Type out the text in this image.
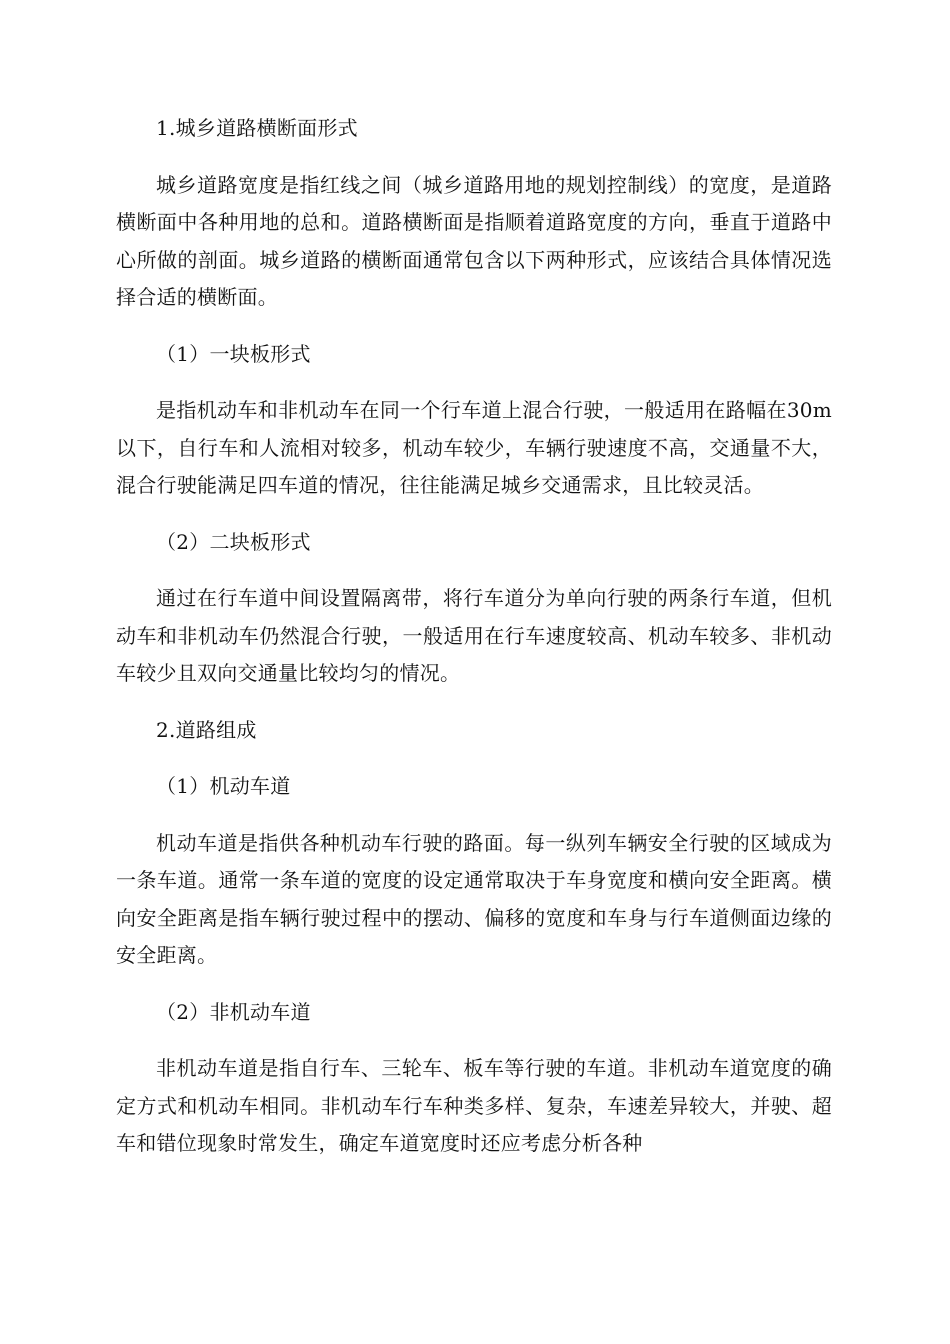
1.城乡道路横断面形式

城乡道路宽度是指红线之间（城乡道路用地的规划控制线）的宽度，是道路横断面中各种用地的总和。道路横断面是指顺着道路宽度的方向，垂直于道路中心所做的剖面。城乡道路的横断面通常包含以下两种形式，应该结合具体情况选择合适的横断面。

（1）一块板形式

是指机动车和非机动车在同一个行车道上混合行驶，一般适用在路幅在30m以下，自行车和人流相对较多，机动车较少，车辆行驶速度不高，交通量不大，混合行驶能满足四车道的情况，往往能满足城乡交通需求，且比较灵活。

（2）二块板形式

通过在行车道中间设置隔离带，将行车道分为单向行驶的两条行车道，但机动车和非机动车仍然混合行驶，一般适用在行车速度较高、机动车较多、非机动车较少且双向交通量比较均匀的情况。

2.道路组成

（1）机动车道

机动车道是指供各种机动车行驶的路面。每一纵列车辆安全行驶的区域成为一条车道。通常一条车道的宽度的设定通常取决于车身宽度和横向安全距离。横向安全距离是指车辆行驶过程中的摆动、偏移的宽度和车身与行车道侧面边缘的安全距离。

（2）非机动车道

非机动车道是指自行车、三轮车、板车等行驶的车道。非机动车道宽度的确定方式和机动车相同。非机动车行车种类多样、复杂，车速差异较大，并驶、超车和错位现象时常发生，确定车道宽度时还应考虑分析各种
